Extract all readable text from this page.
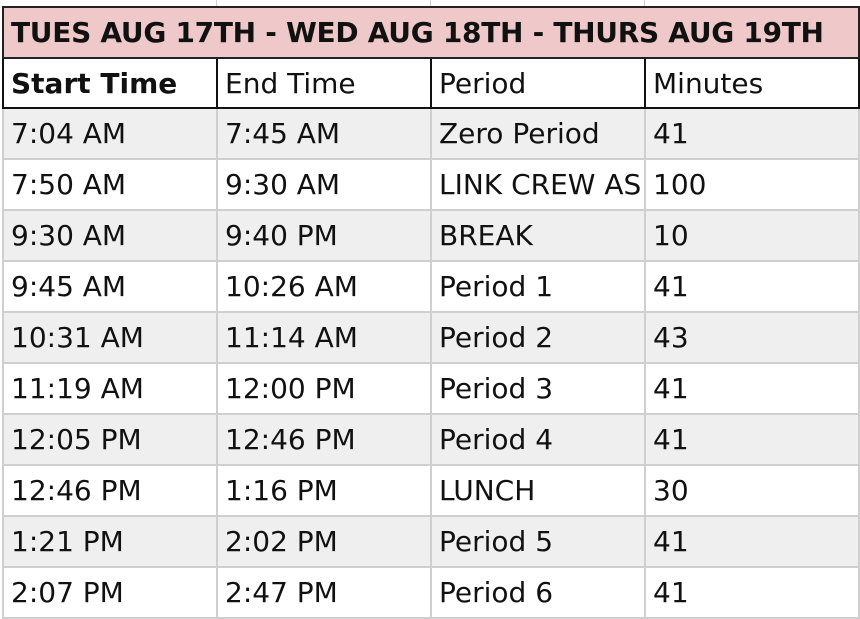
TUES AUG 17TH - WED AUG 18TH - THURS AUG 19TH			
Start Time	End Time	Period	Minutes
7:04 AM	7:45 AM	Zero Period	41
7:50 AM	9:30 AM	LINK CREW AS	100
9:30 AM	9:40 PM	BREAK	10
9:45 AM	10:26 AM	Period 1	41
10:31 AM	11:14 AM	Period 2	43
11:19 AM	12:00 PM	Period 3	41
12:05 PM	12:46 PM	Period 4	41
12:46 PM	1:16 PM	LUNCH	30
1:21 PM	2:02 PM	Period 5	41
2:07 PM	2:47 PM	Period 6	41
